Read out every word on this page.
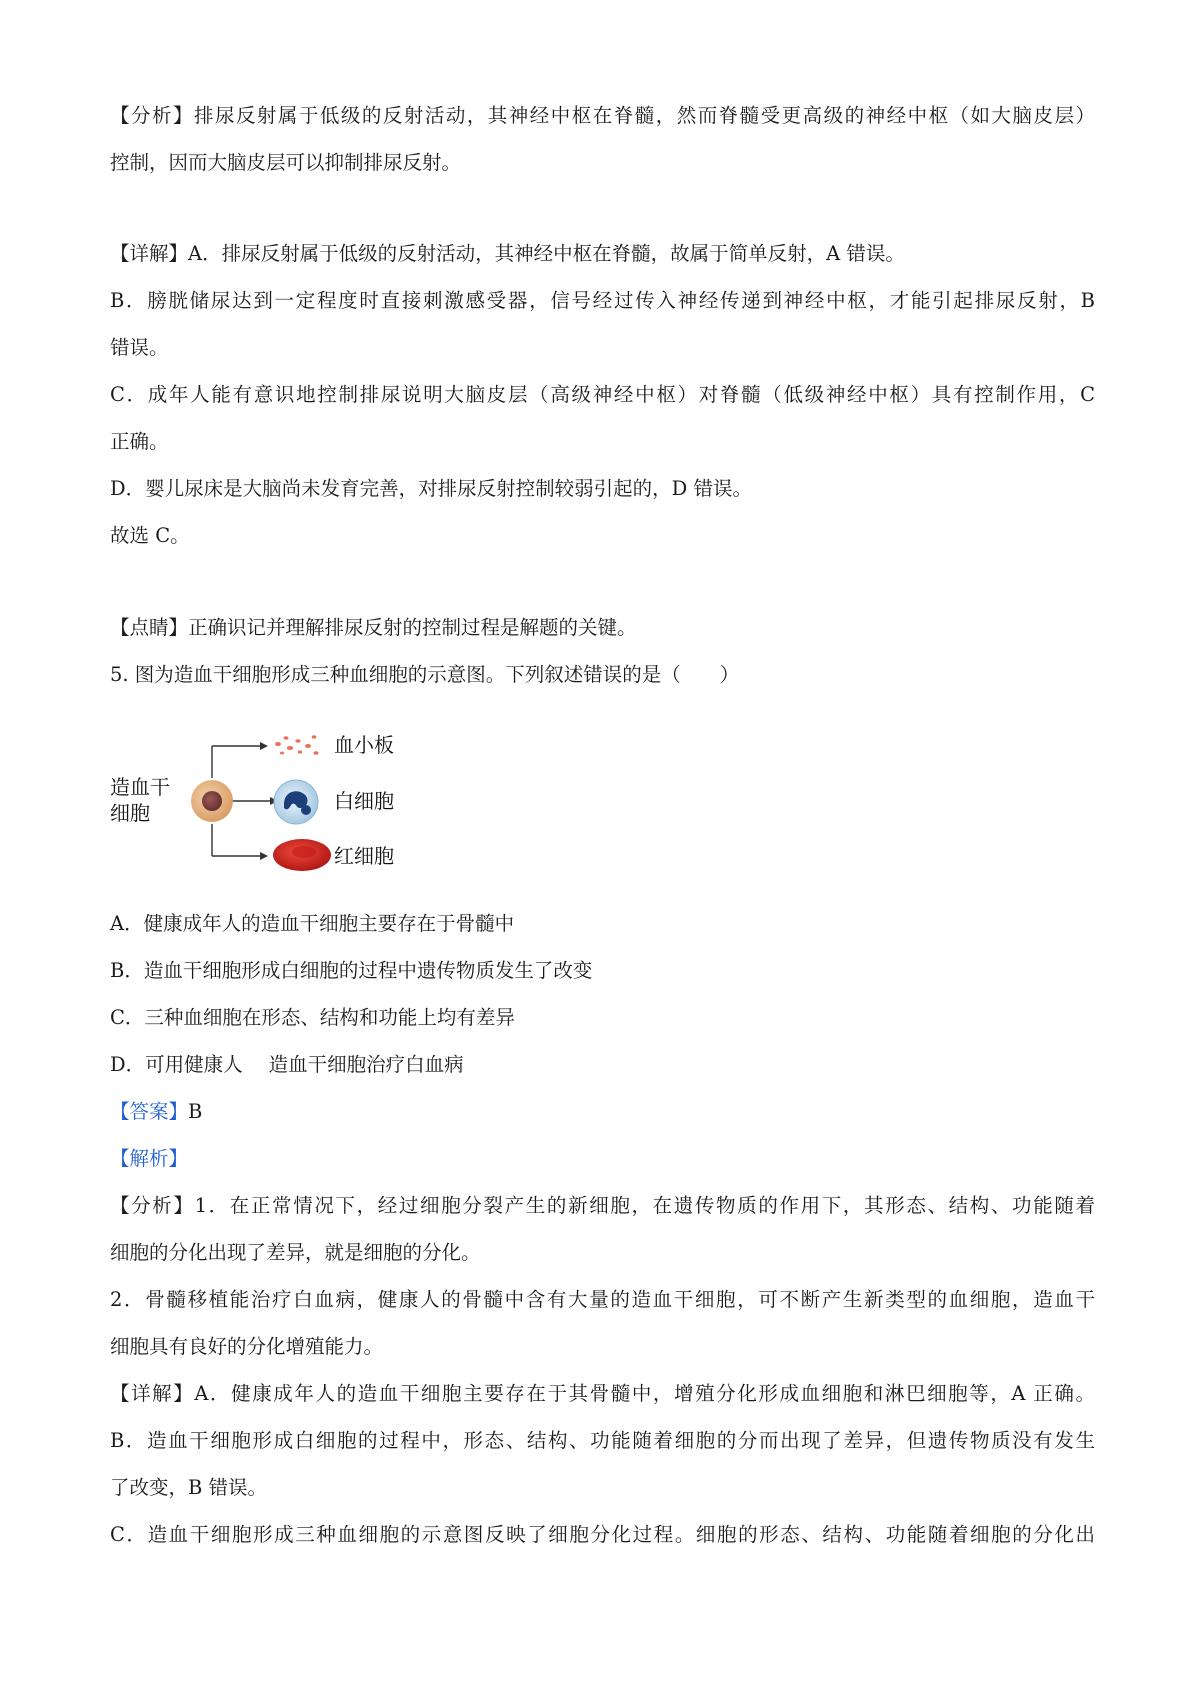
【分析】排尿反射属于低级的反射活动，其神经中枢在脊髓，然而脊髓受更高级的神经中枢（如大脑皮层）
控制，因而大脑皮层可以抑制排尿反射。
【详解】A．排尿反射属于低级的反射活动，其神经中枢在脊髓，故属于简单反射，A 错误。
B．膀胱储尿达到一定程度时直接刺激感受器，信号经过传入神经传递到神经中枢，才能引起排尿反射，B
错误。
C．成年人能有意识地控制排尿说明大脑皮层（高级神经中枢）对脊髓（低级神经中枢）具有控制作用，C
正确。
D．婴儿尿床是大脑尚未发育完善，对排尿反射控制较弱引起的，D 错误。
故选 C。
【点睛】正确识记并理解排尿反射的控制过程是解题的关键。
5. 图为造血干细胞形成三种血细胞的示意图。下列叙述错误的是（　　）
造血干
细胞
血小板
白细胞
红细胞
A．健康成年人的造血干细胞主要存在于骨髓中
B．造血干细胞形成白细胞的过程中遗传物质发生了改变
C．三种血细胞在形态、结构和功能上均有差异
D．可用健康人 造血干细胞治疗白血病
【答案】B
【解析】
【分析】1．在正常情况下，经过细胞分裂产生的新细胞，在遗传物质的作用下，其形态、结构、功能随着
细胞的分化出现了差异，就是细胞的分化。
2．骨髓移植能治疗白血病，健康人的骨髓中含有大量的造血干细胞，可不断产生新类型的血细胞，造血干
细胞具有良好的分化增殖能力。
【详解】A．健康成年人的造血干细胞主要存在于其骨髓中，增殖分化形成血细胞和淋巴细胞等，A 正确。
B．造血干细胞形成白细胞的过程中，形态、结构、功能随着细胞的分而出现了差异，但遗传物质没有发生
了改变，B 错误。
C．造血干细胞形成三种血细胞的示意图反映了细胞分化过程。细胞的形态、结构、功能随着细胞的分化出
